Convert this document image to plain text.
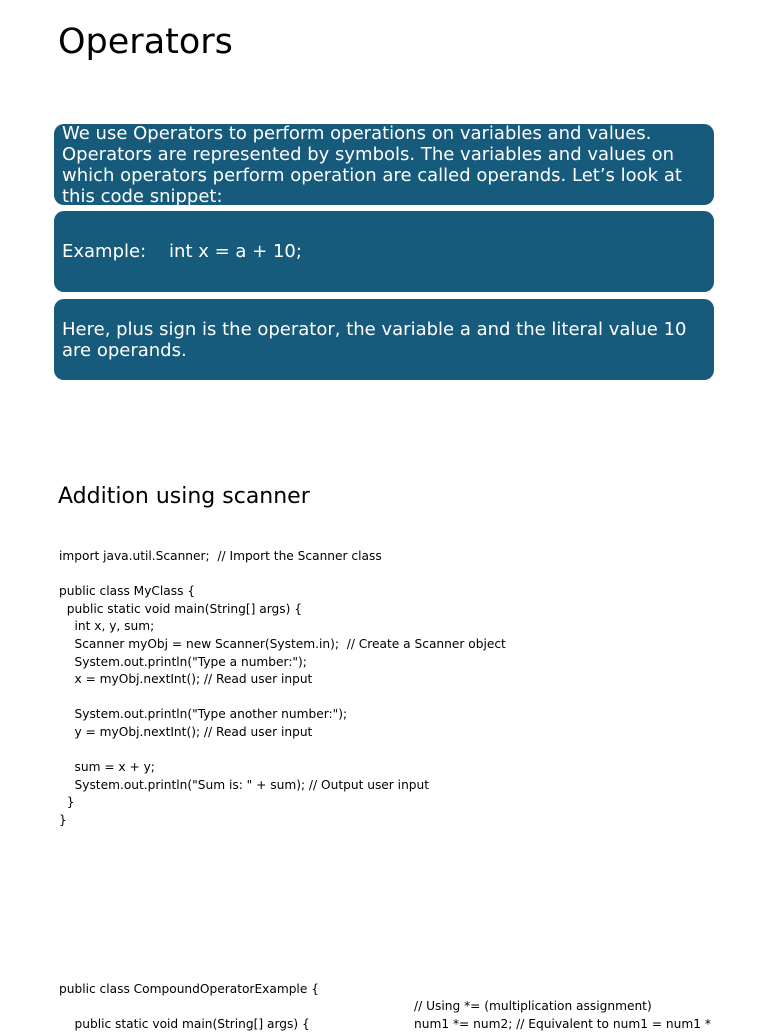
Operators
We use Operators to perform operations on variables and values. Operators are represented by symbols. The variables and values on which operators perform operation are called operands. Let’s look at this code snippet:
Example:    int x = a + 10;
Here, plus sign is the operator, the variable a and the literal value 10 are operands.
Addition using scanner
import java.util.Scanner;  // Import the Scanner class
public class MyClass {
public static void main(String[] args) {
int x, y, sum;
Scanner myObj = new Scanner(System.in);  // Create a Scanner object
System.out.println("Type a number:");
x = myObj.nextInt(); // Read user input
System.out.println("Type another number:");
y = myObj.nextInt(); // Read user input
sum = x + y;
System.out.println("Sum is: " + sum); // Output user input
}
}
public class CompoundOperatorExample {
public static void main(String[] args) {
// Using *= (multiplication assignment)
num1 *= num2; // Equivalent to num1 = num1 *
